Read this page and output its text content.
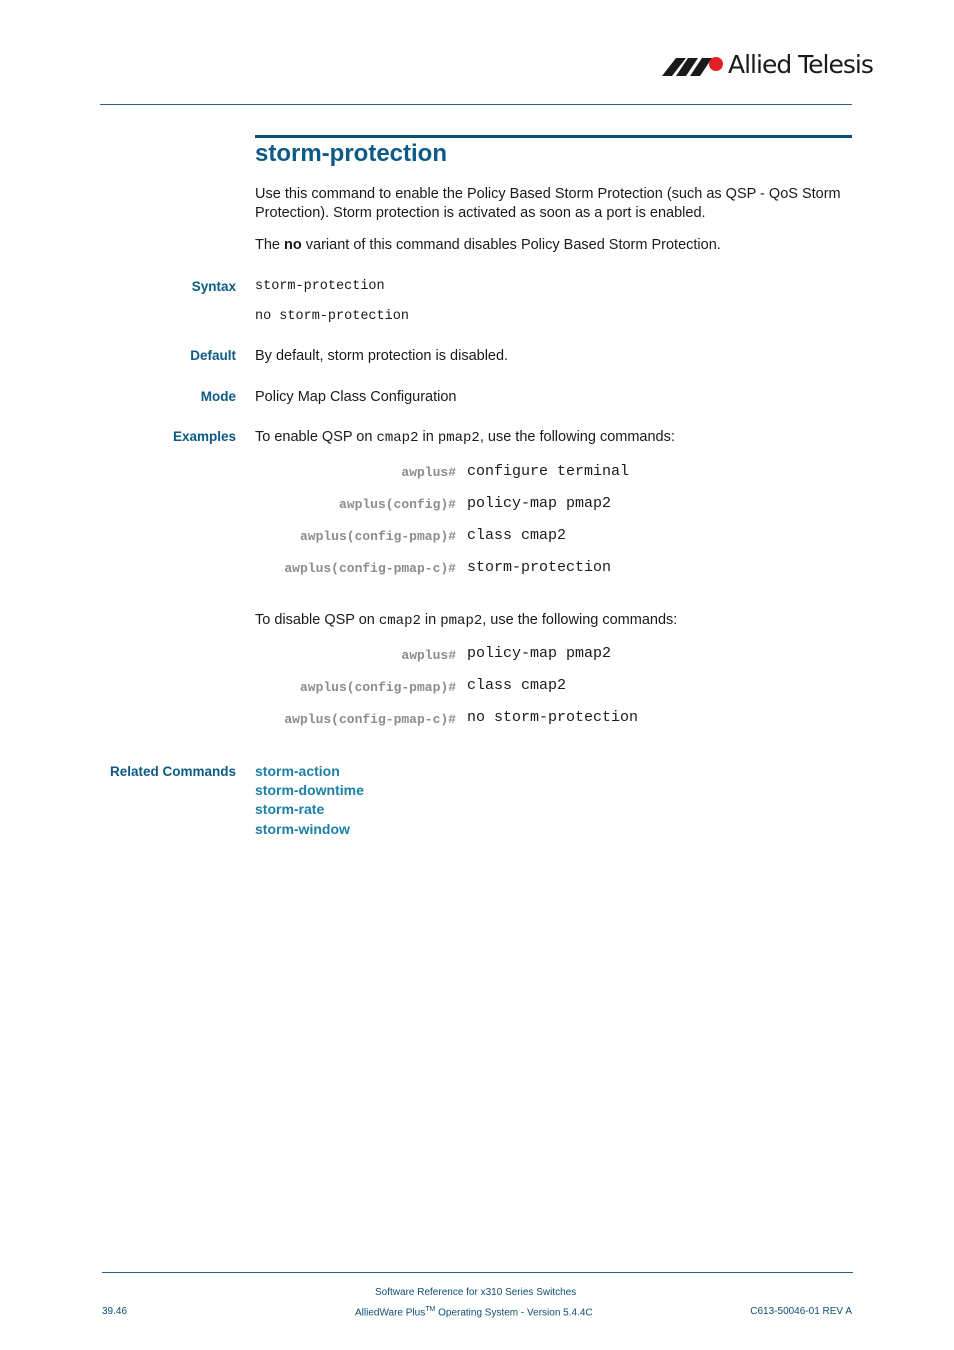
Allied Telesis
storm-protection
Use this command to enable the Policy Based Storm Protection (such as QSP - QoS Storm Protection). Storm protection is activated as soon as a port is enabled.
The no variant of this command disables Policy Based Storm Protection.
Syntax storm-protection
no storm-protection
Default By default, storm protection is disabled.
Mode Policy Map Class Configuration
Examples To enable QSP on cmap2 in pmap2, use the following commands:
awplus# configure terminal
awplus(config)# policy-map pmap2
awplus(config-pmap)# class cmap2
awplus(config-pmap-c)# storm-protection
To disable QSP on cmap2 in pmap2, use the following commands:
awplus# policy-map pmap2
awplus(config-pmap)# class cmap2
awplus(config-pmap-c)# no storm-protection
Related Commands storm-action
storm-downtime
storm-rate
storm-window
Software Reference for x310 Series Switches
AlliedWare Plus™ Operating System - Version 5.4.4C
39.46	C613-50046-01 REV A
